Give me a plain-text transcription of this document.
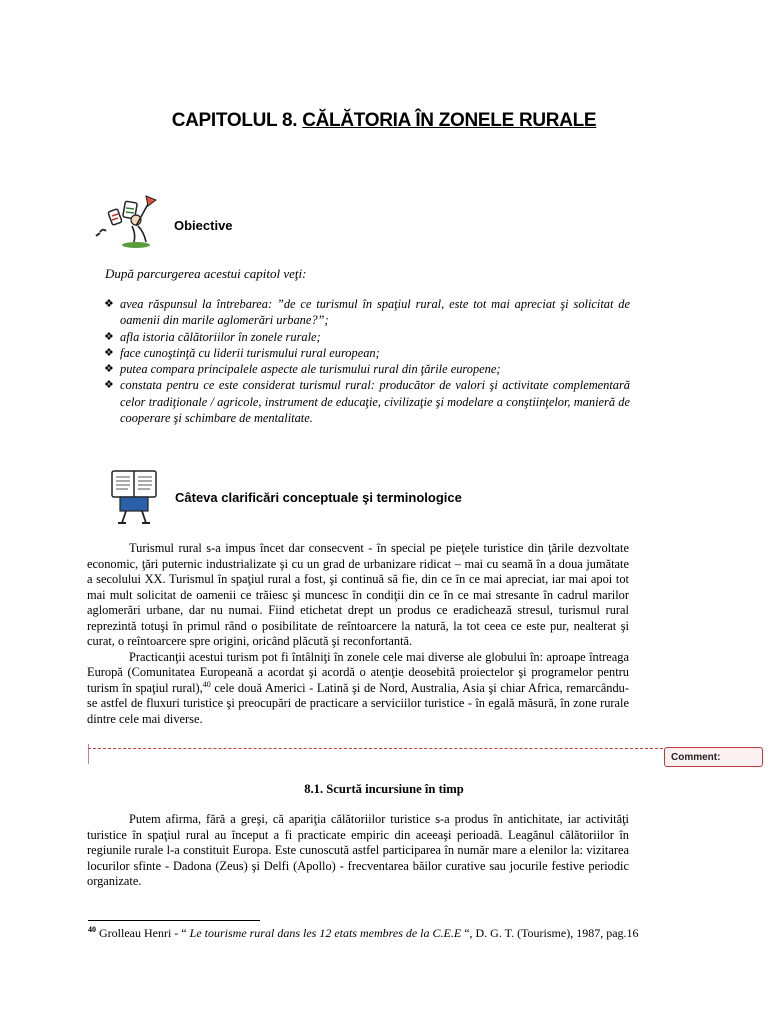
CAPITOLUL 8. CĂLĂTORIA ÎN ZONELE RURALE
Obiective
După parcurgerea acestui capitol veţi:
❖ avea răspunsul la întrebarea: ”de ce turismul în spaţiul rural, este tot mai apreciat şi solicitat de oamenii din marile aglomerări urbane?”;
❖ afla istoria călătoriilor în zonele rurale;
❖ face cunoştinţă cu liderii turismului rural european;
❖ putea compara principalele aspecte ale turismului rural din ţările europene;
❖ constata pentru ce este considerat turismul rural: producător de valori şi activitate complementară celor tradiţionale / agricole, instrument de educaţie, civilizaţie şi modelare a conştiinţelor, manieră de cooperare şi schimbare de mentalitate.
Câteva clarificări conceptuale şi terminologice

Turismul rural s-a impus încet dar consecvent - în special pe pieţele turistice din ţările dezvoltate economic, ţări puternic industrializate şi cu un grad de urbanizare ridicat – mai cu seamă în a doua jumătate a secolului XX. Turismul în spaţiul rural a fost, şi continuă să fie, din ce în ce mai apreciat, iar mai apoi tot mai mult solicitat de oamenii ce trăiesc şi muncesc în condiţii din ce în ce mai stresante în cadrul marilor aglomerări urbane, dar nu numai. Fiind etichetat drept un produs ce eradichează stresul, turismul rural reprezintă totuşi în primul rând o posibilitate de reîntoarcere la natură, la tot ceea ce este pur, nealterat şi curat, o reîntoarcere spre origini, oricând plăcută şi reconfortantă.

Practicanţii acestui turism pot fi întâlniţi în zonele cele mai diverse ale globului în: aproape întreaga Europă (Comunitatea Europeană a acordat şi acordă o atenţie deosebită proiectelor şi programelor pentru turism în spaţiul rural),$^{40}$ cele două Americi - Latină şi de Nord, Australia, Asia şi chiar Africa, remarcându-se astfel de fluxuri turistice şi preocupări de practicare a serviciilor turistice - în egală măsură, în zone rurale dintre cele mai diverse.

Comment:
8.1. Scurtă incursiune în timp

Putem afirma, fără a greşi, că apariţia călătoriilor turistice s-a produs în antichitate, iar activităţi turistice în spaţiul rural au început a fi practicate empiric din aceeaşi perioadă. Leagănul călătoriilor în regiunile rurale l-a constituit Europa. Este cunoscută astfel participarea în număr mare a elenilor la: vizitarea locurilor sfinte - Dadona (Zeus) şi Delfi (Apollo) - frecventarea băilor curative sau jocurile festive periodic organizate.

$^{40}$ Grolleau Henri - “ Le tourisme rural dans les 12 etats membres de la C.E.E “, D. G. T. (Tourisme), 1987, pag.16
